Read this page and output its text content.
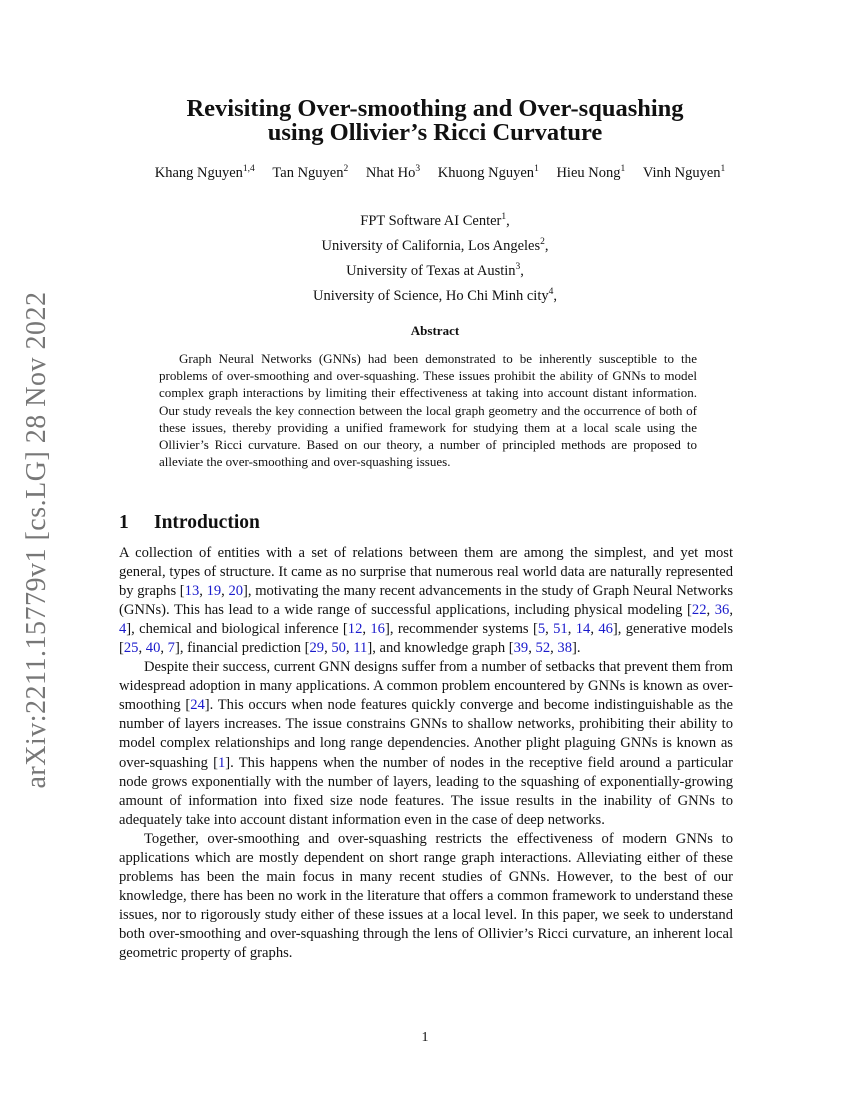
arXiv:2211.15779v1 [cs.LG] 28 Nov 2022
Revisiting Over-smoothing and Over-squashing
using Ollivier’s Ricci Curvature
Khang Nguyen$^{1,4}$ Tan Nguyen$^2$ Nhat Ho$^3$ Khuong Nguyen$^1$ Hieu Nong$^1$ Vinh Nguyen$^1$
FPT Software AI Center$^1$,
University of California, Los Angeles$^2$,
University of Texas at Austin$^3$,
University of Science, Ho Chi Minh city$^4$,
Abstract

Graph Neural Networks (GNNs) had been demonstrated to be inherently susceptible to the problems of over-smoothing and over-squashing. These issues prohibit the ability of GNNs to model complex graph interactions by limiting their effectiveness at taking into account distant information. Our study reveals the key connection between the local graph geometry and the occurrence of both of these issues, thereby providing a unified framework for studying them at a local scale using the Ollivier’s Ricci curvature. Based on our theory, a number of principled methods are proposed to alleviate the over-smoothing and over-squashing issues.

1 Introduction

A collection of entities with a set of relations between them are among the simplest, and yet most general, types of structure. It came as no surprise that numerous real world data are naturally represented by graphs [13, 19, 20], motivating the many recent advancements in the study of Graph Neural Networks (GNNs). This has lead to a wide range of successful applications, including physical modeling [22, 36, 4], chemical and biological inference [12, 16], recommender systems [5, 51, 14, 46], generative models [25, 40, 7], financial prediction [29, 50, 11], and knowledge graph [39, 52, 38].

Despite their success, current GNN designs suffer from a number of setbacks that prevent them from widespread adoption in many applications. A common problem encountered by GNNs is known as over-smoothing [24]. This occurs when node features quickly converge and become indistinguishable as the number of layers increases. The issue constrains GNNs to shallow networks, prohibiting their ability to model complex relationships and long range dependencies. Another plight plaguing GNNs is known as over-squashing [1]. This happens when the number of nodes in the receptive field around a particular node grows exponentially with the number of layers, leading to the squashing of exponentially-growing amount of information into fixed size node features. The issue results in the inability of GNNs to adequately take into account distant information even in the case of deep networks.

Together, over-smoothing and over-squashing restricts the effectiveness of modern GNNs to applications which are mostly dependent on short range graph interactions. Alleviating either of these problems has been the main focus in many recent studies of GNNs. However, to the best of our knowledge, there has been no work in the literature that offers a common framework to understand these issues, nor to rigorously study either of these issues at a local level. In this paper, we seek to understand both over-smoothing and over-squashing through the lens of Ollivier’s Ricci curvature, an inherent local geometric property of graphs.

1
